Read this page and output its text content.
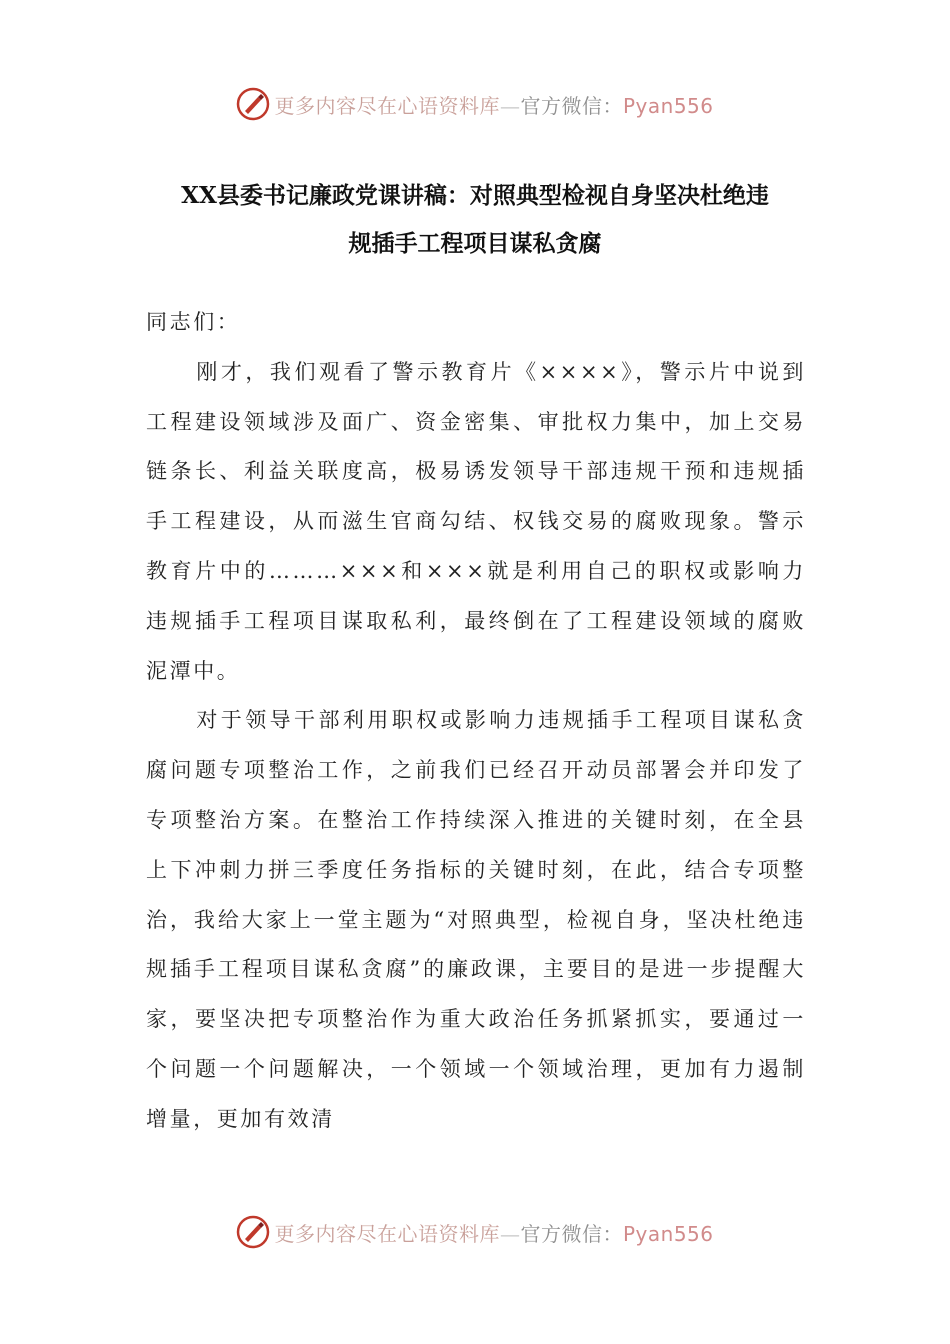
更多内容尽在心语资料库—官方微信：Pyan556
XX县委书记廉政党课讲稿：对照典型检视自身坚决杜绝违
规插手工程项目谋私贪腐

同志们：

刚才，我们观看了警示教育片《××××》，警示片中说到工程建设领域涉及面广、资金密集、审批权力集中，加上交易链条长、利益关联度高，极易诱发领导干部违规干预和违规插手工程建设，从而滋生官商勾结、权钱交易的腐败现象。警示教育片中的………×××和×××就是利用自己的职权或影响力违规插手工程项目谋取私利，最终倒在了工程建设领域的腐败泥潭中。

对于领导干部利用职权或影响力违规插手工程项目谋私贪腐问题专项整治工作，之前我们已经召开动员部署会并印发了专项整治方案。在整治工作持续深入推进的关键时刻，在全县上下冲刺力拼三季度任务指标的关键时刻，在此，结合专项整治，我给大家上一堂主题为“对照典型，检视自身，坚决杜绝违规插手工程项目谋私贪腐”的廉政课，主要目的是进一步提醒大家，要坚决把专项整治作为重大政治任务抓紧抓实，要通过一个问题一个问题解决，一个领域一个领域治理，更加有力遏制增量，更加有效清

更多内容尽在心语资料库—官方微信：Pyan556
